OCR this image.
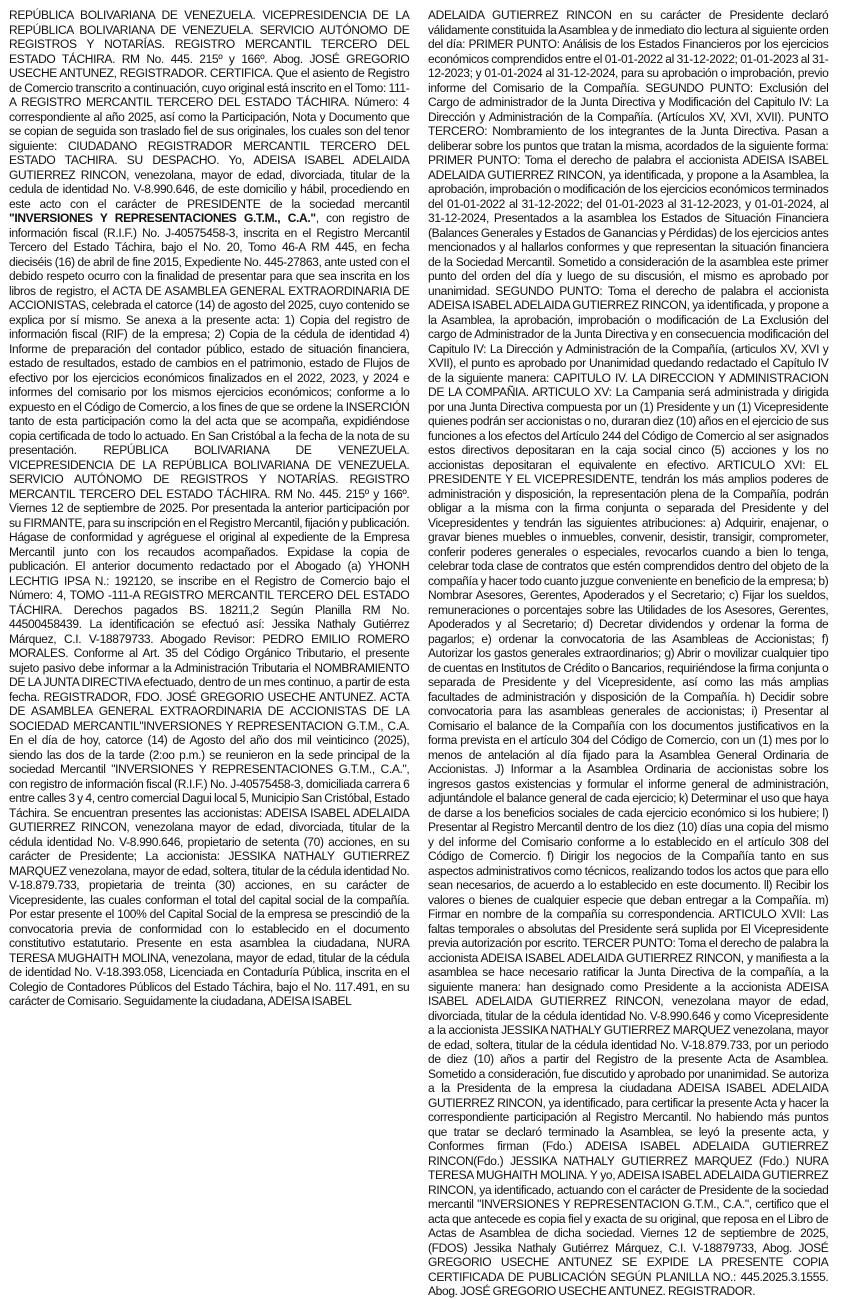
REPÚBLICA BOLIVARIANA DE VENEZUELA. VICEPRESIDENCIA DE LA REPÚBLICA BOLIVARIANA DE VENEZUELA. SERVICIO AUTÓNOMO DE REGISTROS Y NOTARÍAS. REGISTRO MERCANTIL TERCERO DEL ESTADO TÁCHIRA. RM No. 445. 215º y 166º. Abog. JOSÉ GREGORIO USECHE ANTUNEZ, REGISTRADOR. CERTIFICA. Que el asiento de Registro de Comercio transcrito a continuación, cuyo original está inscrito en el Tomo: 111-A REGISTRO MERCANTIL TERCERO DEL ESTADO TÁCHIRA. Número: 4 correspondiente al año 2025, así como la Participación, Nota y Documento que se copian de seguida son traslado fiel de sus originales, los cuales son del tenor siguiente: CIUDADANO REGISTRADOR MERCANTIL TERCERO DEL ESTADO TACHIRA. SU DESPACHO. Yo, ADEISA ISABEL ADELAIDA GUTIERREZ RINCON, venezolana, mayor de edad, divorciada, titular de la cedula de identidad No. V-8.990.646, de este domicilio y hábil, procediendo en este acto con el carácter de PRESIDENTE de la sociedad mercantil "INVERSIONES Y REPRESENTACIONES G.T.M., C.A.", con registro de información fiscal (R.I.F.) No. J-40575458-3, inscrita en el Registro Mercantil Tercero del Estado Táchira, bajo el No. 20, Tomo 46-A RM 445, en fecha dieciséis (16) de abril de fine 2015, Expediente No. 445-27863, ante usted con el debido respeto ocurro con la finalidad de presentar para que sea inscrita en los libros de registro, el ACTA DE ASAMBLEA GENERAL EXTRAORDINARIA DE ACCIONISTAS, celebrada el catorce (14) de agosto del 2025, cuyo contenido se explica por sí mismo. Se anexa a la presente acta: 1) Copia del registro de información fiscal (RIF) de la empresa; 2) Copia de la cédula de identidad 4) Informe de preparación del contador público, estado de situación financiera, estado de resultados, estado de cambios en el patrimonio, estado de Flujos de efectivo por los ejercicios económicos finalizados en el 2022, 2023, y 2024 e informes del comisario por los mismos ejercicios económicos; conforme a lo expuesto en el Código de Comercio, a los fines de que se ordene la INSERCIÓN tanto de esta participación como la del acta que se acompaña, expidiéndose copia certificada de todo lo actuado. En San Cristóbal a la fecha de la nota de su presentación. REPÚBLICA BOLIVARIANA DE VENEZUELA. VICEPRESIDENCIA DE LA REPÚBLICA BOLIVARIANA DE VENEZUELA. SERVICIO AUTÓNOMO DE REGISTROS Y NOTARÍAS. REGISTRO MERCANTIL TERCERO DEL ESTADO TÁCHIRA. RM No. 445. 215º y 166º. Viernes 12 de septiembre de 2025. Por presentada la anterior participación por su FIRMANTE, para su inscripción en el Registro Mercantil, fijación y publicación. Hágase de conformidad y agréguese el original al expediente de la Empresa Mercantil junto con los recaudos acompañados. Expidase la copia de publicación. El anterior documento redactado por el Abogado (a) YHONH LECHTIG IPSA N.: 192120, se inscribe en el Registro de Comercio bajo el Número: 4, TOMO -111-A REGISTRO MERCANTIL TERCERO DEL ESTADO TÁCHIRA. Derechos pagados BS. 18211,2 Según Planilla RM No. 44500458439. La identificación se efectuó así: Jessika Nathaly Gutiérrez Márquez, C.I. V-18879733. Abogado Revisor: PEDRO EMILIO ROMERO MORALES. Conforme al Art. 35 del Código Orgánico Tributario, el presente sujeto pasivo debe informar a la Administración Tributaria el NOMBRAMIENTO DE LA JUNTA DIRECTIVA efectuado, dentro de un mes continuo, a partir de esta fecha. REGISTRADOR, FDO. JOSÉ GREGORIO USECHE ANTUNEZ. ACTA DE ASAMBLEA GENERAL EXTRAORDINARIA DE ACCIONISTAS DE LA SOCIEDAD MERCANTIL"INVERSIONES Y REPRESENTACION G.T.M., C.A. En el día de hoy, catorce (14) de Agosto del año dos mil veinticinco (2025), siendo las dos de la tarde (2:oo p.m.) se reunieron en la sede principal de la sociedad Mercantil "INVERSIONES Y REPRESENTACIONES G.T.M., C.A.", con registro de información fiscal (R.I.F.) No. J-40575458-3, domiciliada carrera 6 entre calles 3 y 4, centro comercial Dagui local 5, Municipio San Cristóbal, Estado Táchira. Se encuentran presentes las accionistas: ADEISA ISABEL ADELAIDA GUTIERREZ RINCON, venezolana mayor de edad, divorciada, titular de la cédula identidad No. V-8.990.646, propietario de setenta (70) acciones, en su carácter de Presidente; La accionista: JESSIKA NATHALY GUTIERREZ MARQUEZ venezolana, mayor de edad, soltera, titular de la cédula identidad No. V-18.879.733, propietaria de treinta (30) acciones, en su carácter de Vicepresidente, las cuales conforman el total del capital social de la compañía. Por estar presente el 100% del Capital Social de la empresa se prescindió de la convocatoria previa de conformidad con lo establecido en el documento constitutivo estatutario. Presente en esta asamblea la ciudadana, NURA TERESA MUGHAITH MOLINA, venezolana, mayor de edad, titular de la cédula de identidad No. V-18.393.058, Licenciada en Contaduría Pública, inscrita en el Colegio de Contadores Públicos del Estado Táchira, bajo el No. 117.491, en su carácter de Comisario. Seguidamente la ciudadana, ADEISA ISABEL
ADELAIDA GUTIERREZ RINCON en su carácter de Presidente declaró válidamente constituida la Asamblea y de inmediato dio lectura al siguiente orden del día: PRIMER PUNTO: Análisis de los Estados Financieros por los ejercicios económicos comprendidos entre el 01-01-2022 al 31-12-2022; 01-01-2023 al 31-12-2023; y 01-01-2024 al 31-12-2024, para su aprobación o improbación, previo informe del Comisario de la Compañía. SEGUNDO PUNTO: Exclusión del Cargo de administrador de la Junta Directiva y Modificación del Capitulo IV: La Dirección y Administración de la Compañía. (Artículos XV, XVI, XVII). PUNTO TERCERO: Nombramiento de los integrantes de la Junta Directiva. Pasan a deliberar sobre los puntos que tratan la misma, acordados de la siguiente forma: PRIMER PUNTO: Toma el derecho de palabra el accionista ADEISA ISABEL ADELAIDA GUTIERREZ RINCON, ya identificada, y propone a la Asamblea, la aprobación, improbación o modificación de los ejercicios económicos terminados del 01-01-2022 al 31-12-2022; del 01-01-2023 al 31-12-2023, y 01-01-2024, al 31-12-2024, Presentados a la asamblea los Estados de Situación Financiera (Balances Generales y Estados de Ganancias y Pérdidas) de los ejercicios antes mencionados y al hallarlos conformes y que representan la situación financiera de la Sociedad Mercantil. Sometido a consideración de la asamblea este primer punto del orden del día y luego de su discusión, el mismo es aprobado por unanimidad. SEGUNDO PUNTO: Toma el derecho de palabra el accionista ADEISA ISABEL ADELAIDA GUTIERREZ RINCON, ya identificada, y propone a la Asamblea, la aprobación, improbación o modificación de La Exclusión del cargo de Administrador de la Junta Directiva y en consecuencia modificación del Capitulo IV: La Dirección y Administración de la Compañía, (articulos XV, XVI y XVII), el punto es aprobado por Unanimidad quedando redactado el Capítulo IV de la siguiente manera: CAPITULO IV. LA DIRECCION Y ADMINISTRACION DE LA COMPAÑIA. ARTICULO XV: La Campania será administrada y dirigida por una Junta Directiva compuesta por un (1) Presidente y un (1) Vicepresidente quienes podrán ser accionistas o no, duraran diez (10) años en el ejercicio de sus funciones a los efectos del Artículo 244 del Código de Comercio al ser asignados estos directivos depositaran en la caja social cinco (5) acciones y los no accionistas depositaran el equivalente en efectivo. ARTICULO XVI: EL PRESIDENTE Y EL VICEPRESIDENTE, tendrán los más amplios poderes de administración y disposición, la representación plena de la Compañía, podrán obligar a la misma con la firma conjunta o separada del Presidente y del Vicepresidentes y tendrán las siguientes atribuciones: a) Adquirir, enajenar, o gravar bienes muebles o inmuebles, convenir, desistir, transigir, comprometer, conferir poderes generales o especiales, revocarlos cuando a bien lo tenga, celebrar toda clase de contratos que estén comprendidos dentro del objeto de la compañía y hacer todo cuanto juzgue conveniente en beneficio de la empresa; b) Nombrar Asesores, Gerentes, Apoderados y el Secretario; c) Fijar los sueldos, remuneraciones o porcentajes sobre las Utilidades de los Asesores, Gerentes, Apoderados y al Secretario; d) Decretar dividendos y ordenar la forma de pagarlos; e) ordenar la convocatoria de las Asambleas de Accionistas; f) Autorizar los gastos generales extraordinarios; g) Abrir o movilizar cualquier tipo de cuentas en Institutos de Crédito o Bancarios, requiriéndose la firma conjunta o separada de Presidente y del Vicepresidente, así como las más amplias facultades de administración y disposición de la Compañía. h) Decidir sobre convocatoria para las asambleas generales de accionistas; i) Presentar al Comisario el balance de la Compañía con los documentos justificativos en la forma prevista en el artículo 304 del Código de Comercio, con un (1) mes por lo menos de antelación al día fijado para la Asamblea General Ordinaria de Accionistas. J) Informar a la Asamblea Ordinaria de accionistas sobre los ingresos gastos existencias y formular el informe general de administración, adjuntándole el balance general de cada ejercicio; k) Determinar el uso que haya de darse a los beneficios sociales de cada ejercicio económico si los hubiere; l) Presentar al Registro Mercantil dentro de los diez (10) días una copia del mismo y del informe del Comisario conforme a lo establecido en el artículo 308 del Código de Comercio. f) Dirigir los negocios de la Compañía tanto en sus aspectos administrativos como técnicos, realizando todos los actos que para ello sean necesarios, de acuerdo a lo establecido en este documento. ll) Recibir los valores o bienes de cualquier especie que deban entregar a la Compañía. m) Firmar en nombre de la compañía su correspondencia. ARTICULO XVII: Las faltas temporales o absolutas del Presidente será suplida por El Vicepresidente previa autorización por escrito. TERCER PUNTO: Toma el derecho de palabra la accionista ADEISA ISABEL ADELAIDA GUTIERREZ RINCON, y manifiesta a la asamblea se hace necesario ratificar la Junta Directiva de la compañía, a la siguiente manera: han designado como Presidente a la accionista ADEISA ISABEL ADELAIDA GUTIERREZ RINCON, venezolana mayor de edad, divorciada, titular de la cédula identidad No. V-8.990.646 y como Vicepresidente a la accionista JESSIKA NATHALY GUTIERREZ MARQUEZ venezolana, mayor de edad, soltera, titular de la cédula identidad No. V-18.879.733, por un periodo de diez (10) años a partir del Registro de la presente Acta de Asamblea. Sometido a consideración, fue discutido y aprobado por unanimidad. Se autoriza a la Presidenta de la empresa la ciudadana ADEISA ISABEL ADELAIDA GUTIERREZ RINCON, ya identificado, para certificar la presente Acta y hacer la correspondiente participación al Registro Mercantil. No habiendo más puntos que tratar se declaró terminado la Asamblea, se leyó la presente acta, y Conformes firman (Fdo.) ADEISA ISABEL ADELAIDA GUTIERREZ RINCON(Fdo.) JESSIKA NATHALY GUTIERREZ MARQUEZ (Fdo.) NURA TERESA MUGHAITH MOLINA. Y yo, ADEISA ISABEL ADELAIDA GUTIERREZ RINCON, ya identificado, actuando con el carácter de Presidente de la sociedad mercantil "INVERSIONES Y REPRESENTACION G.T.M., C.A.", certifico que el acta que antecede es copia fiel y exacta de su original, que reposa en el Libro de Actas de Asamblea de dicha sociedad. Viernes 12 de septiembre de 2025, (FDOS) Jessika Nathaly Gutiérrez Márquez, C.I. V-18879733, Abog. JOSÉ GREGORIO USECHE ANTUNEZ SE EXPIDE LA PRESENTE COPIA CERTIFICADA DE PUBLICACIÓN SEGÚN PLANILLA NO.: 445.2025.3.1555. Abog. JOSÉ GREGORIO USECHE ANTUNEZ. REGISTRADOR.
